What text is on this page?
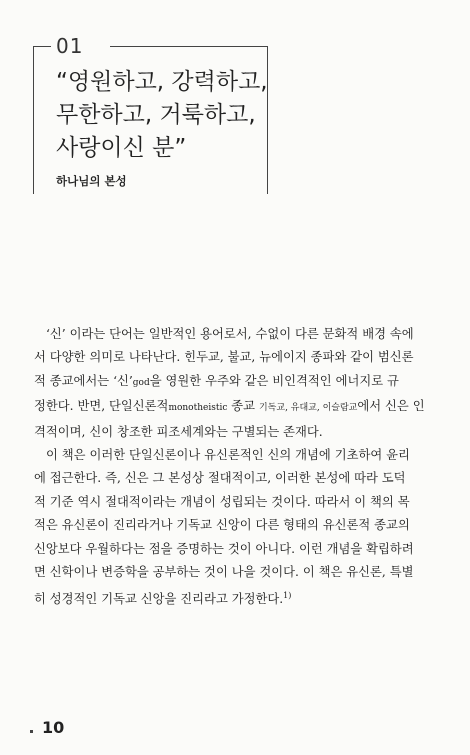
01
“영원하고, 강력하고,
무한하고, 거룩하고,
사랑이신 분”
하나님의 본성
‘신’ 이라는 단어는 일반적인 용어로서, 수없이 다른 문화적 배경 속에
서 다양한 의미로 나타난다. 힌두교, 불교, 뉴에이지 종파와 같이 범신론
적 종교에서는 ‘신’god을 영원한 우주와 같은 비인격적인 에너지로 규
정한다. 반면, 단일신론적monotheistic 종교 기독교, 유대교, 이슬람교에서 신은 인
격적이며, 신이 창조한 피조세계와는 구별되는 존재다.
이 책은 이러한 단일신론이나 유신론적인 신의 개념에 기초하여 윤리
에 접근한다. 즉, 신은 그 본성상 절대적이고, 이러한 본성에 따라 도덕
적 기준 역시 절대적이라는 개념이 성립되는 것이다. 따라서 이 책의 목
적은 유신론이 진리라거나 기독교 신앙이 다른 형태의 유신론적 종교의
신앙보다 우월하다는 점을 증명하는 것이 아니다. 이런 개념을 확립하려
면 신학이나 변증학을 공부하는 것이 나을 것이다. 이 책은 유신론, 특별
히 성경적인 기독교 신앙을 진리라고 가정한다.$^{1)}$
10
